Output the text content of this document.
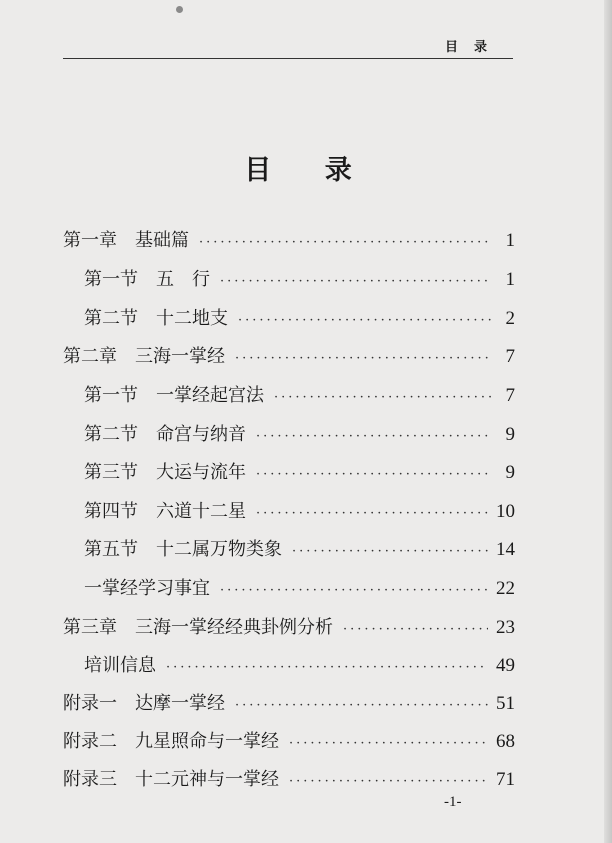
目录
目 录
第一章　基础篇 ·····	1
第一节　五　行 ·····	1
第二节　十二地支 ·····	2
第二章　三海一掌经 ·····	7
第一节　一掌经起宫法 ·····	7
第二节　命宫与纳音 ·····	9
第三节　大运与流年 ·····	9
第四节　六道十二星 ·····	10
第五节　十二属万物类象 ·····	14
一掌经学习事宜 ·····	22
第三章　三海一掌经经典卦例分析 ·····	23
培训信息 ·····	49
附录一　达摩一掌经 ·····	51
附录二　九星照命与一掌经 ·····	68
附录三　十二元神与一掌经 ·····	71
-1-
